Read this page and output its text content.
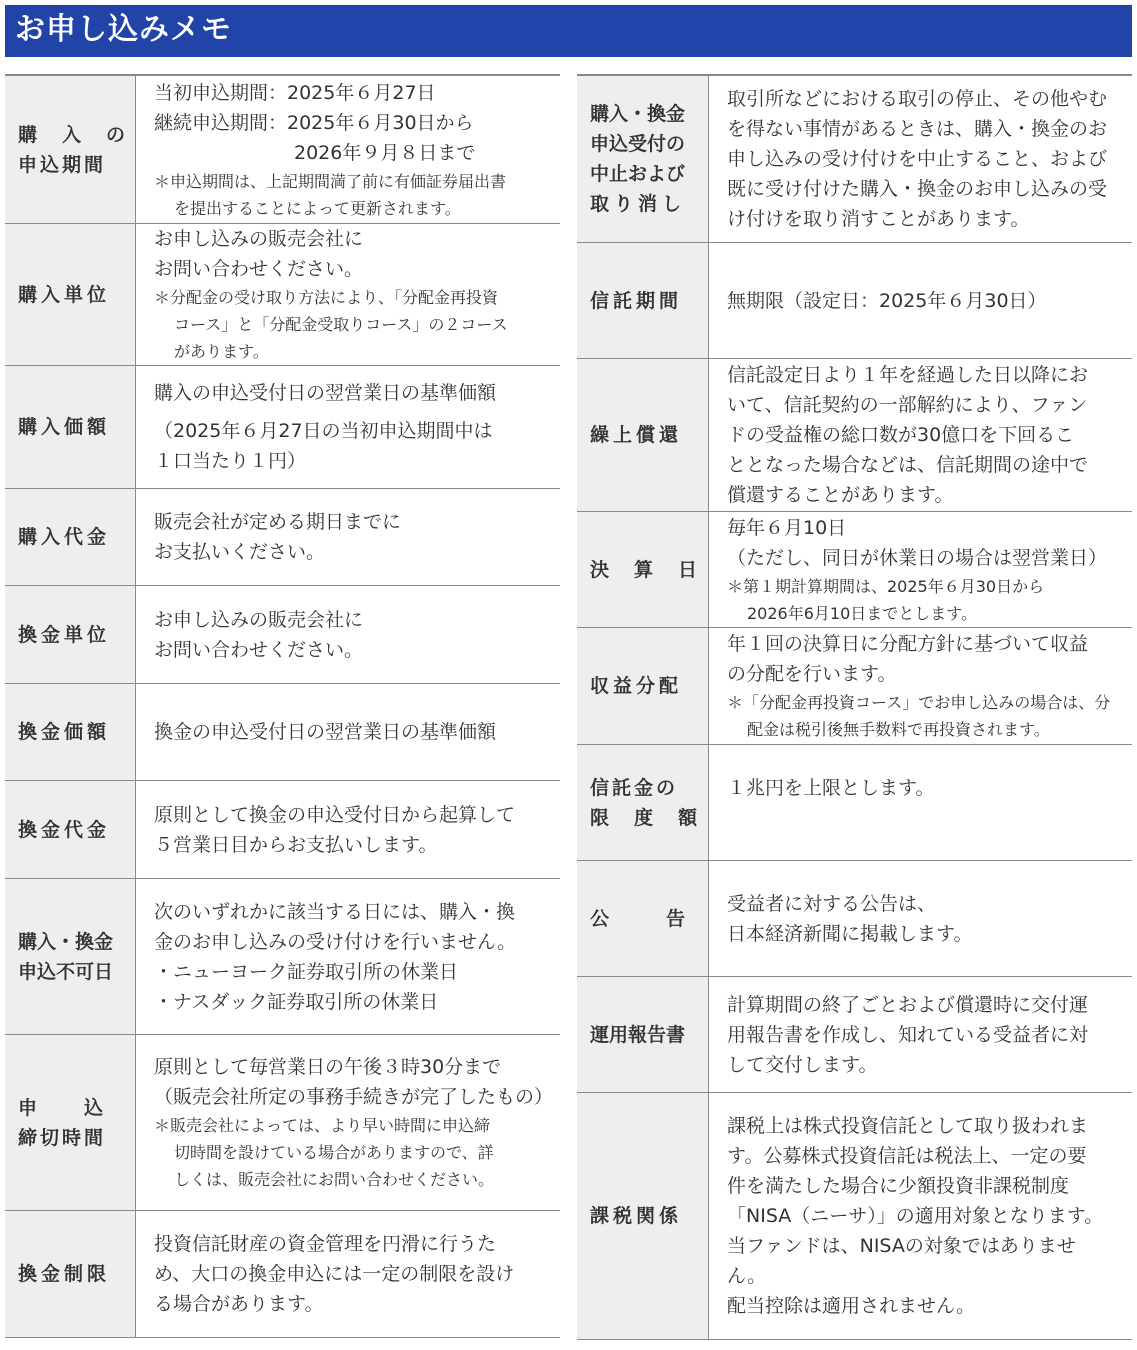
お申し込みメモ
購　入　の
申込期間
当初申込期間：2025年６月27日
継続申込期間：2025年６月30日から
2026年９月８日まで
＊申込期間は、上記期間満了前に有価証券届出書
を提出することによって更新されます。
購入単位
お申し込みの販売会社に
お問い合わせください。
＊分配金の受け取り方法により、「分配金再投資
コース」と「分配金受取りコース」の２コース
があります。
購入価額
購入の申込受付日の翌営業日の基準価額
（2025年６月27日の当初申込期間中は
１口当たり１円）
購入代金
販売会社が定める期日までに
お支払いください。
換金単位
お申し込みの販売会社に
お問い合わせください。
換金価額 換金の申込受付日の翌営業日の基準価額
換金代金
原則として換金の申込受付日から起算して
５営業日目からお支払いします。
購入・換金
申込不可日
次のいずれかに該当する日には、購入・換
金のお申し込みの受け付けを行いません。
・ニューヨーク証券取引所の休業日
・ナスダック証券取引所の休業日
申　　込
締切時間
原則として毎営業日の午後３時30分まで
（販売会社所定の事務手続きが完了したもの）
＊販売会社によっては、より早い時間に申込締
切時間を設けている場合がありますので、詳
しくは、販売会社にお問い合わせください。
換金制限
投資信託財産の資金管理を円滑に行うた
め、大口の換金申込には一定の制限を設け
る場合があります。
購入・換金
申込受付の
中止および
取り消し
取引所などにおける取引の停止、その他やむ
を得ない事情があるときは、購入・換金のお
申し込みの受け付けを中止すること、および
既に受け付けた購入・換金のお申し込みの受
け付けを取り消すことがあります。
信託期間 無期限（設定日：2025年６月30日）
繰上償還
信託設定日より１年を経過した日以降にお
いて、信託契約の一部解約により、ファン
ドの受益権の総口数が30億口を下回るこ
ととなった場合などは、信託期間の途中で
償還することがあります。
決　算　日
毎年６月10日
（ただし、同日が休業日の場合は翌営業日）
＊第１期計算期間は、2025年６月30日から
2026年6月10日までとします。
収益分配
年１回の決算日に分配方針に基づいて収益
の分配を行います。
＊「分配金再投資コース」でお申し込みの場合は、分
配金は税引後無手数料で再投資されます。
信託金の
限　度　額
１兆円を上限とします。
公　　　告
受益者に対する公告は、
日本経済新聞に掲載します。
運用報告書
計算期間の終了ごとおよび償還時に交付運
用報告書を作成し、知れている受益者に対
して交付します。
課税関係
課税上は株式投資信託として取り扱われま
す。公募株式投資信託は税法上、一定の要
件を満たした場合に少額投資非課税制度
「NISA（ニーサ）」の適用対象となります。
当ファンドは、NISAの対象ではありませ
ん。
配当控除は適用されません。
